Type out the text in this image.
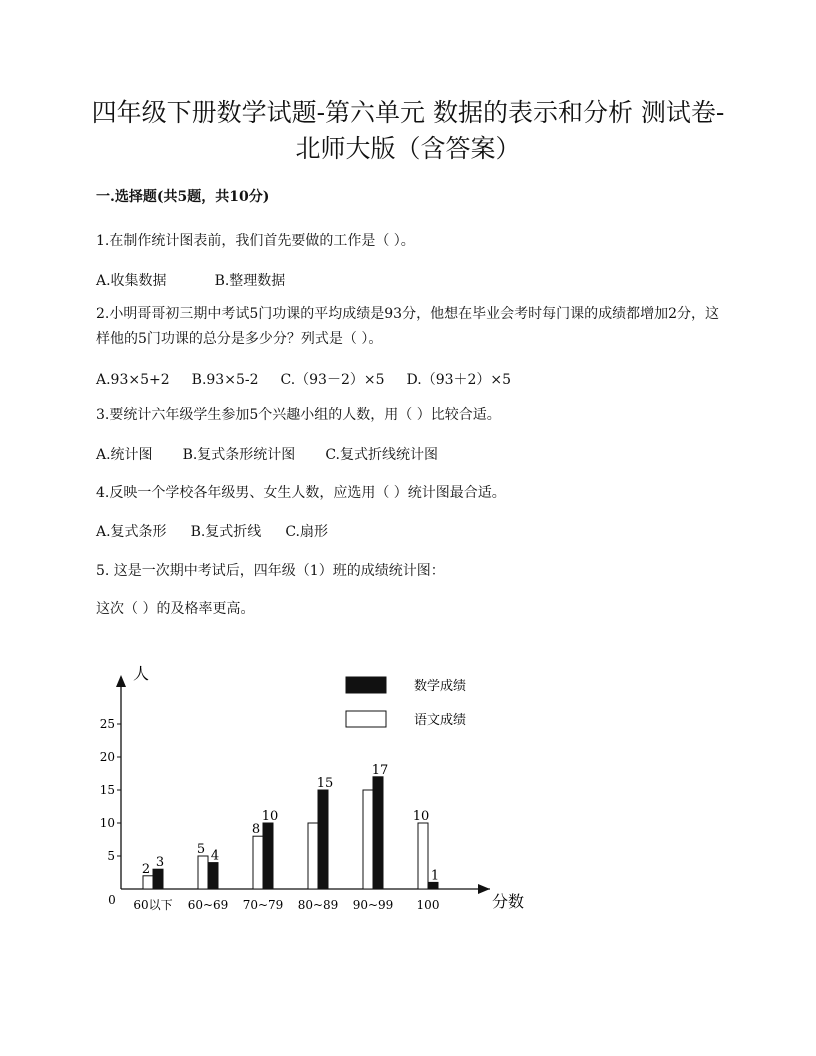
四年级下册数学试题-第六单元 数据的表示和分析 测试卷-
北师大版（含答案）
一.选择题(共5题，共10分)
1.在制作统计图表前，我们首先要做的工作是（ ）。
A.收集数据	B.整理数据
2.小明哥哥初三期中考试5门功课的平均成绩是93分，他想在毕业会考时每门课的成绩都增加2分，这样他的5门功课的总分是多少分？列式是（ ）。
A.93×5+2 B.93×5-2 C.（93－2）×5 D.（93＋2）×5
3.要统计六年级学生参加5个兴趣小组的人数，用（ ）比较合适。
A.统计图 B.复式条形统计图 C.复式折线统计图
4.反映一个学校各年级男、女生人数，应选用（ ）统计图最合适。
A.复式条形 B.复式折线 C.扇形
5. 这是一次期中考试后，四年级（1）班的成绩统计图：
这次（ ）的及格率更高。
人
分数
0
5
10
15
20
25
2 3
60以下
5 4
60~69
8
10
70~79
15
80~89
17
90~99
10
1
100
数学成绩
语文成绩
